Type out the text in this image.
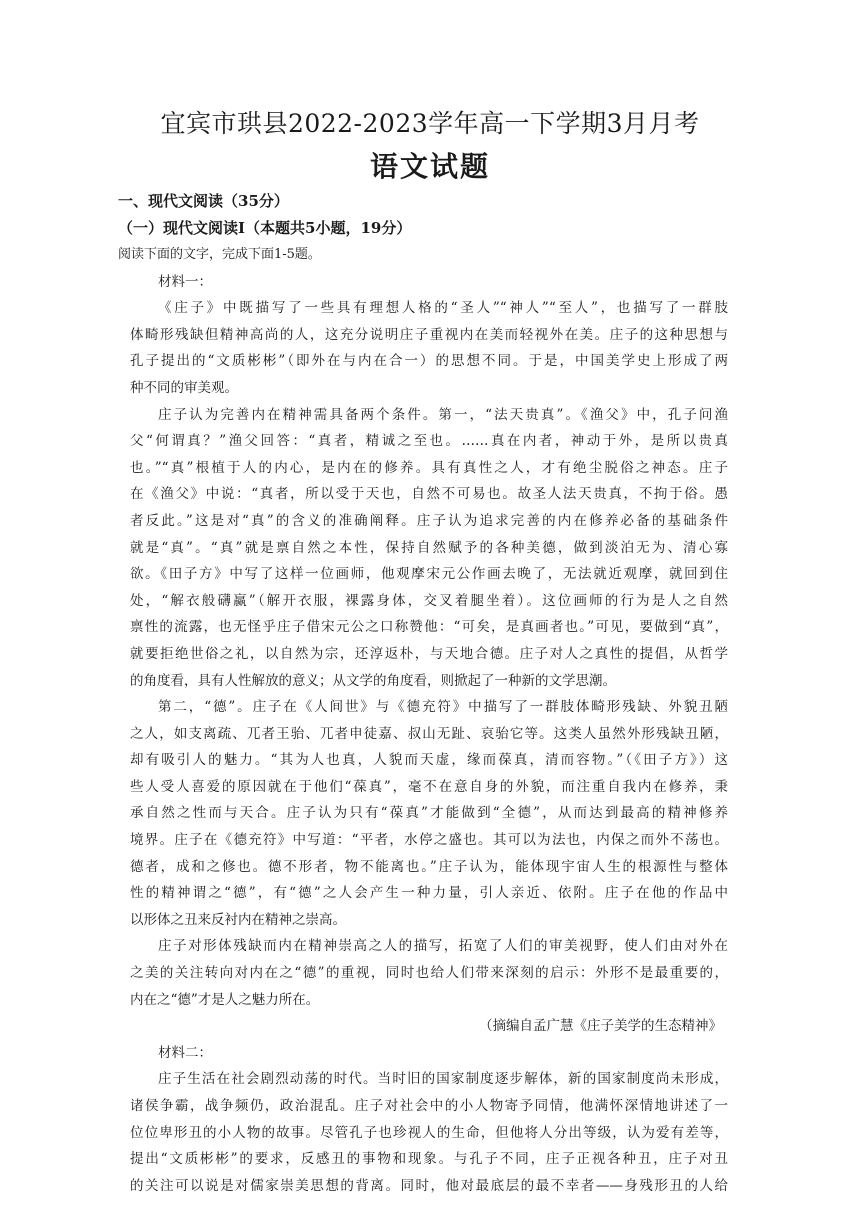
宜宾市珙县2022-2023学年高一下学期3月月考
语文试题
一、现代文阅读（35分）
（一）现代文阅读Ⅰ（本题共5小题，19分）
阅读下面的文字，完成下面1-5题。
材料一：
《庄子》中既描写了一些具有理想人格的“圣人”“神人”“至人”，也描写了一群肢
体畸形残缺但精神高尚的人，这充分说明庄子重视内在美而轻视外在美。庄子的这种思想与
孔子提出的“文质彬彬”（即外在与内在合一）的思想不同。于是，中国美学史上形成了两
种不同的审美观。
庄子认为完善内在精神需具备两个条件。第一，“法天贵真”。《渔父》中，孔子问渔
父“何谓真？”渔父回答：“真者，精诚之至也。……真在内者，神动于外，是所以贵真
也。”“真”根植于人的内心，是内在的修养。具有真性之人，才有绝尘脱俗之神态。庄子
在《渔父》中说：“真者，所以受于天也，自然不可易也。故圣人法天贵真，不拘于俗。愚
者反此。”这是对“真”的含义的准确阐释。庄子认为追求完善的内在修养必备的基础条件
就是“真”。“真”就是禀自然之本性，保持自然赋予的各种美德，做到淡泊无为、清心寡
欲。《田子方》中写了这样一位画师，他观摩宋元公作画去晚了，无法就近观摩，就回到住
处，“解衣般礴赢”（解开衣服，裸露身体，交叉着腿坐着）。这位画师的行为是人之自然
禀性的流露，也无怪乎庄子借宋元公之口称赞他：“可矣，是真画者也。”可见，要做到“真”，
就要拒绝世俗之礼，以自然为宗，还淳返朴，与天地合德。庄子对人之真性的提倡，从哲学
的角度看，具有人性解放的意义；从文学的角度看，则掀起了一种新的文学思潮。
第二，“德”。庄子在《人间世》与《德充符》中描写了一群肢体畸形残缺、外貌丑陋
之人，如支离疏、兀者王骀、兀者申徒嘉、叔山无趾、哀骀它等。这类人虽然外形残缺丑陋，
却有吸引人的魅力。“其为人也真，人貌而天虚，缘而葆真，清而容物。”（《田子方》）这
些人受人喜爱的原因就在于他们“葆真”，毫不在意自身的外貌，而注重自我内在修养，秉
承自然之性而与天合。庄子认为只有“葆真”才能做到“全德”，从而达到最高的精神修养
境界。庄子在《德充符》中写道：“平者，水停之盛也。其可以为法也，内保之而外不荡也。
德者，成和之修也。德不形者，物不能离也。”庄子认为，能体现宇宙人生的根源性与整体
性的精神谓之“德”，有“德”之人会产生一种力量，引人亲近、依附。庄子在他的作品中
以形体之丑来反衬内在精神之崇高。
庄子对形体残缺而内在精神崇高之人的描写，拓宽了人们的审美视野，使人们由对外在
之美的关注转向对内在之“德”的重视，同时也给人们带来深刻的启示：外形不是最重要的，
内在之“德”才是人之魅力所在。
（摘编自孟广慧《庄子美学的生态精神》
材料二：
庄子生活在社会剧烈动荡的时代。当时旧的国家制度逐步解体，新的国家制度尚未形成，
诸侯争霸，战争频仍，政治混乱。庄子对社会中的小人物寄予同情，他满怀深情地讲述了一
位位卑形丑的小人物的故事。尽管孔子也珍视人的生命，但他将人分出等级，认为爱有差等，
提出“文质彬彬”的要求，反感丑的事物和现象。与孔子不同，庄子正视各种丑，庄子对丑
的关注可以说是对儒家崇美思想的背离。同时，他对最底层的最不幸者——身残形丑的人给
